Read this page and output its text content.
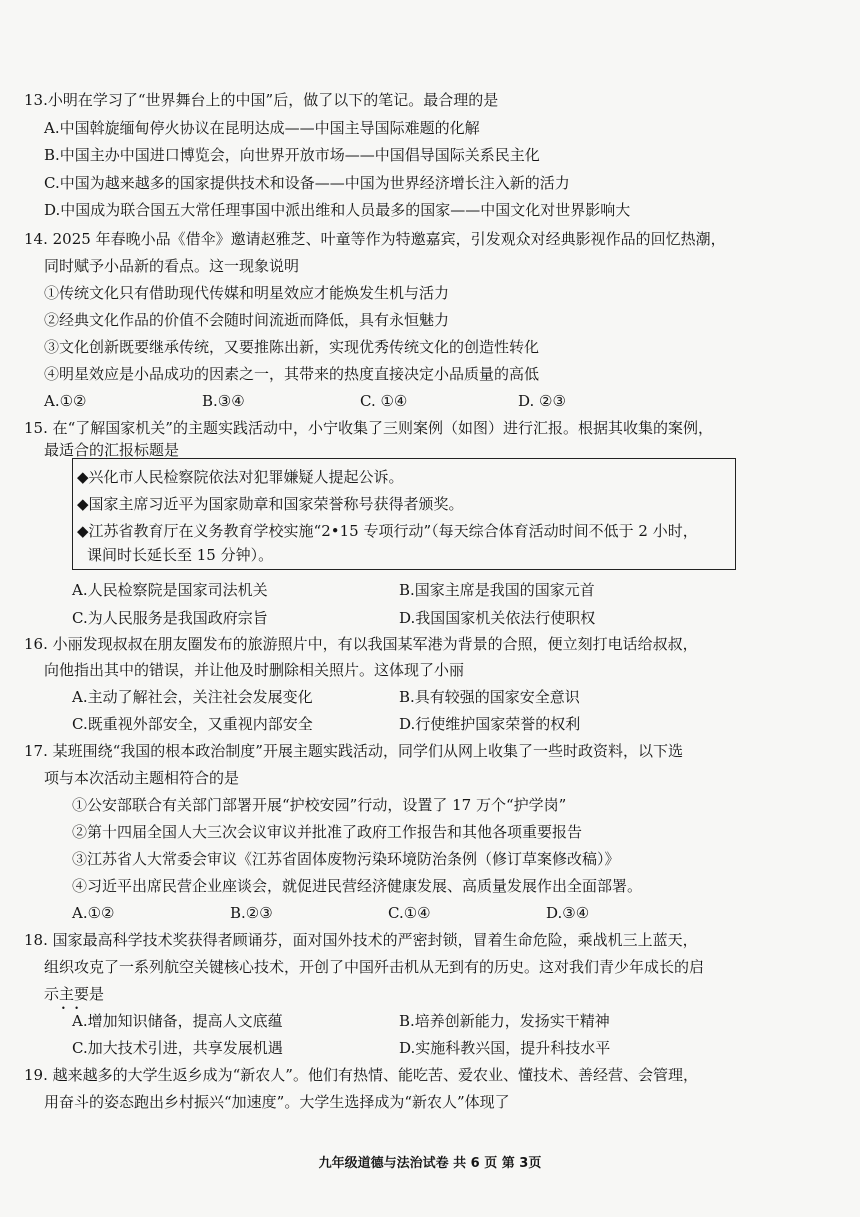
13.小明在学习了“世界舞台上的中国”后，做了以下的笔记。最合理的是
A.中国斡旋缅甸停火协议在昆明达成——中国主导国际难题的化解
B.中国主办中国进口博览会，向世界开放市场——中国倡导国际关系民主化
C.中国为越来越多的国家提供技术和设备——中国为世界经济增长注入新的活力
D.中国成为联合国五大常任理事国中派出维和人员最多的国家——中国文化对世界影响大
14. 2025 年春晚小品《借伞》邀请赵雅芝、叶童等作为特邀嘉宾，引发观众对经典影视作品的回忆热潮，
同时赋予小品新的看点。这一现象说明
①传统文化只有借助现代传媒和明星效应才能焕发生机与活力
②经典文化作品的价值不会随时间流逝而降低，具有永恒魅力
③文化创新既要继承传统，又要推陈出新，实现优秀传统文化的创造性转化
④明星效应是小品成功的因素之一，其带来的热度直接决定小品质量的高低
A.①②	B.③④	C. ①④	D. ②③
15. 在“了解国家机关”的主题实践活动中，小宁收集了三则案例（如图）进行汇报。根据其收集的案例，
最适合的汇报标题是
◆兴化市人民检察院依法对犯罪嫌疑人提起公诉。
◆国家主席习近平为国家勋章和国家荣誉称号获得者颁奖。
◆江苏省教育厅在义务教育学校实施“2•15 专项行动”（每天综合体育活动时间不低于 2 小时，
课间时长延长至 15 分钟）。
A.人民检察院是国家司法机关	B.国家主席是我国的国家元首
C.为人民服务是我国政府宗旨	D.我国国家机关依法行使职权
16. 小丽发现叔叔在朋友圈发布的旅游照片中，有以我国某军港为背景的合照，便立刻打电话给叔叔，
向他指出其中的错误，并让他及时删除相关照片。这体现了小丽
A.主动了解社会，关注社会发展变化	B.具有较强的国家安全意识
C.既重视外部安全，又重视内部安全	D.行使维护国家荣誉的权利
17. 某班围绕“我国的根本政治制度”开展主题实践活动，同学们从网上收集了一些时政资料，以下选
项与本次活动主题相符合的是
①公安部联合有关部门部署开展“护校安园”行动，设置了 17 万个“护学岗”
②第十四届全国人大三次会议审议并批准了政府工作报告和其他各项重要报告
③江苏省人大常委会审议《江苏省固体废物污染环境防治条例（修订草案修改稿）》
④习近平出席民营企业座谈会，就促进民营经济健康发展、高质量发展作出全面部署。
A.①②	B.②③	C.①④	D.③④
18. 国家最高科学技术奖获得者顾诵芬，面对国外技术的严密封锁，冒着生命危险，乘战机三上蓝天，
组织攻克了一系列航空关键核心技术，开创了中国歼击机从无到有的历史。这对我们青少年成长的启
示主要 • •是
A.增加知识储备，提高人文底蕴	B.培养创新能力，发扬实干精神
C.加大技术引进，共享发展机遇	D.实施科教兴国，提升科技水平
19. 越来越多的大学生返乡成为“新农人”。他们有热情、能吃苦、爱农业、懂技术、善经营、会管理，
用奋斗的姿态跑出乡村振兴“加速度”。大学生选择成为“新农人”体现了
九年级道德与法治试卷 共 6 页 第 3页
